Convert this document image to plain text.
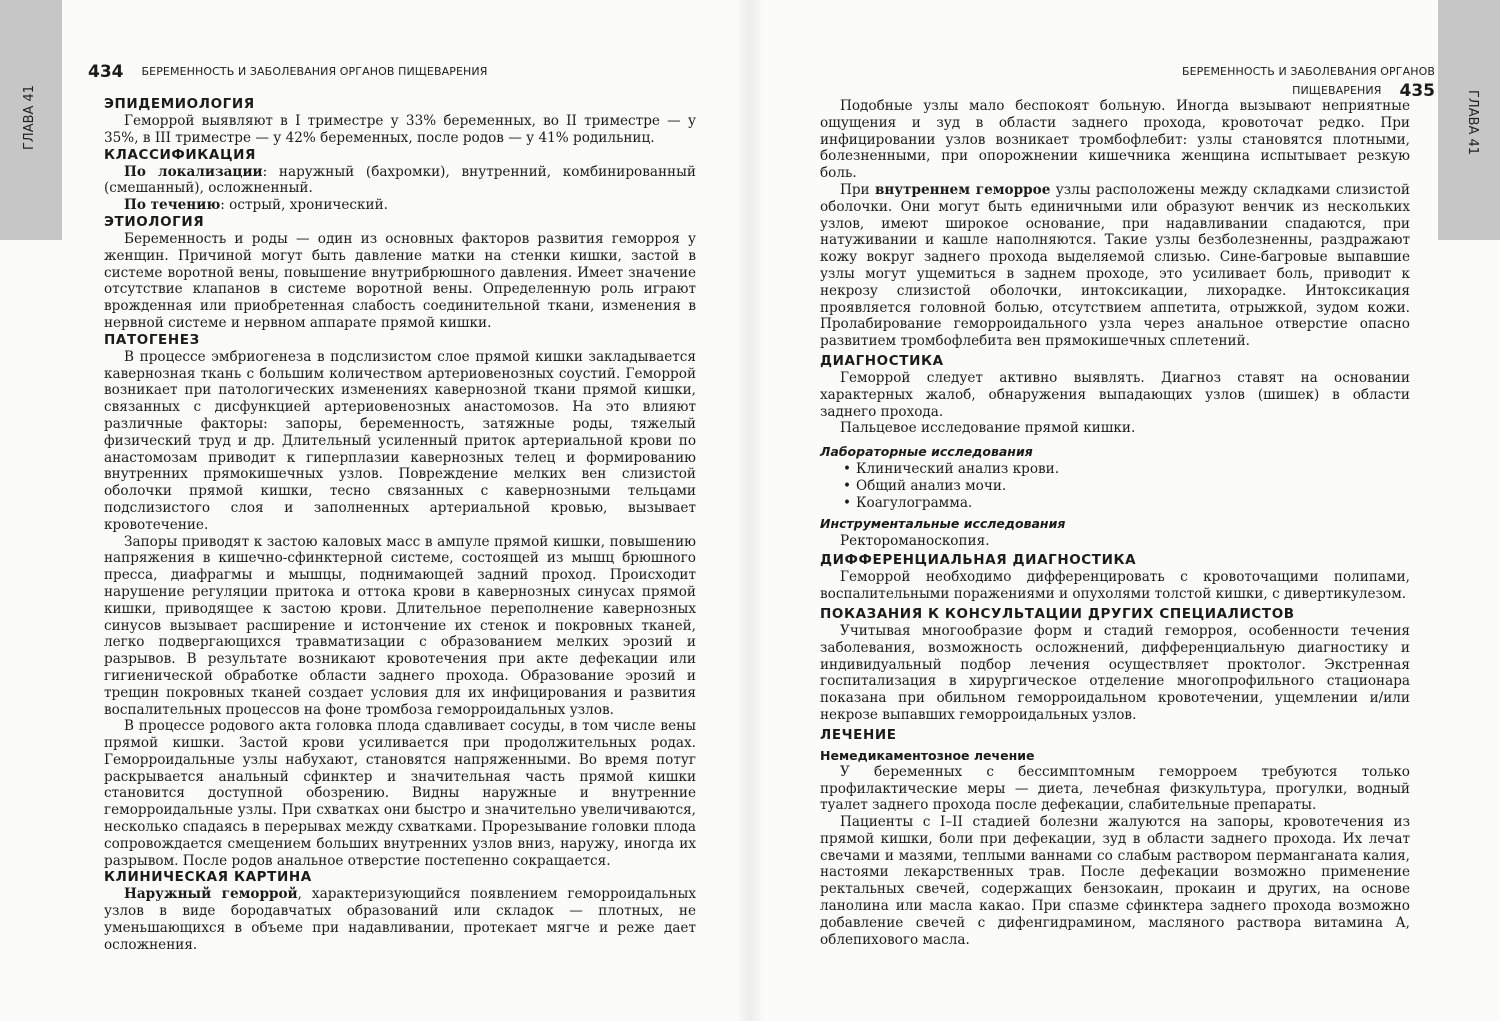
ГЛАВА 41
434 БЕРЕМЕННОСТЬ И ЗАБОЛЕВАНИЯ ОРГАНОВ ПИЩЕВАРЕНИЯ
ЭПИДЕМИОЛОГИЯ

Геморрой выявляют в I триместре у 33% беременных, во II триместре — у 35%, в III триместре — у 42% беременных, после родов — у 41% родильниц.

КЛАССИФИКАЦИЯ

По локализации: наружный (бахромки), внутренний, комбинированный (смешанный), осложненный.

По течению: острый, хронический.

ЭТИОЛОГИЯ

Беременность и роды — один из основных факторов развития геморроя у женщин. Причиной могут быть давление матки на стенки кишки, застой в системе воротной вены, повышение внутрибрюшного давления. Имеет значение отсутствие клапанов в системе воротной вены. Определенную роль играют врожденная или приобретенная слабость соединительной ткани, изменения в нервной системе и нервном аппарате прямой кишки.

ПАТОГЕНЕЗ

В процессе эмбриогенеза в подслизистом слое прямой кишки закладывается кавернозная ткань с большим количеством артериовенозных соустий. Геморрой возникает при патологических изменениях кавернозной ткани прямой кишки, связанных с дисфункцией артериовенозных анастомозов. На это влияют различные факторы: запоры, беременность, затяжные роды, тяжелый физический труд и др. Длительный усиленный приток артериальной крови по анастомозам приводит к гиперплазии кавернозных телец и формированию внутренних прямокишечных узлов. Повреждение мелких вен слизистой оболочки прямой кишки, тесно связанных с кавернозными тельцами подслизистого слоя и заполненных артериальной кровью, вызывает кровотечение.

Запоры приводят к застою каловых масс в ампуле прямой кишки, повышению напряжения в кишечно-сфинктерной системе, состоящей из мышц брюшного пресса, диафрагмы и мышцы, поднимающей задний проход. Происходит нарушение регуляции притока и оттока крови в кавернозных синусах прямой кишки, приводящее к застою крови. Длительное переполнение кавернозных синусов вызывает расширение и истончение их стенок и покровных тканей, легко подвергающихся травматизации с образованием мелких эрозий и разрывов. В результате возникают кровотечения при акте дефекации или гигиенической обработке области заднего прохода. Образование эрозий и трещин покровных тканей создает условия для их инфицирования и развития воспалительных процессов на фоне тромбоза геморроидальных узлов.

В процессе родового акта головка плода сдавливает сосуды, в том числе вены прямой кишки. Застой крови усиливается при продолжительных родах. Геморроидальные узлы набухают, становятся напряженными. Во время потуг раскрывается анальный сфинктер и значительная часть прямой кишки становится доступной обозрению. Видны наружные и внутренние геморроидальные узлы. При схватках они быстро и значительно увеличиваются, несколько спадаясь в перерывах между схватками. Прорезывание головки плода сопровождается смещением больших внутренних узлов вниз, наружу, иногда их разрывом. После родов анальное отверстие постепенно сокращается.

КЛИНИЧЕСКАЯ КАРТИНА

Наружный геморрой, характеризующийся появлением геморроидальных узлов в виде бородавчатых образований или складок — плотных, не уменьшающихся в объеме при надавливании, протекает мягче и реже дает осложнения.

ГЛАВА 41
БЕРЕМЕННОСТЬ И ЗАБОЛЕВАНИЯ ОРГАНОВ ПИЩЕВАРЕНИЯ 435

Подобные узлы мало беспокоят больную. Иногда вызывают неприятные ощущения и зуд в области заднего прохода, кровоточат редко. При инфицировании узлов возникает тромбофлебит: узлы становятся плотными, болезненными, при опорожнении кишечника женщина испытывает резкую боль.

При внутреннем геморрое узлы расположены между складками слизистой оболочки. Они могут быть единичными или образуют венчик из нескольких узлов, имеют широкое основание, при надавливании спадаются, при натуживании и кашле наполняются. Такие узлы безболезненны, раздражают кожу вокруг заднего прохода выделяемой слизью. Сине-багровые выпавшие узлы могут ущемиться в заднем проходе, это усиливает боль, приводит к некрозу слизистой оболочки, интоксикации, лихорадке. Интоксикация проявляется головной болью, отсутствием аппетита, отрыжкой, зудом кожи. Пролабирование геморроидального узла через анальное отверстие опасно развитием тромбофлебита вен прямокишечных сплетений.

ДИАГНОСТИКА

Геморрой следует активно выявлять. Диагноз ставят на основании характерных жалоб, обнаружения выпадающих узлов (шишек) в области заднего прохода.

Пальцевое исследование прямой кишки.

Лабораторные исследования
• Клинический анализ крови.
• Общий анализ мочи.
• Коагулограмма.
Инструментальные исследования
Ректороманоскопия.
ДИФФЕРЕНЦИАЛЬНАЯ ДИАГНОСТИКА

Геморрой необходимо дифференцировать с кровоточащими полипами, воспалительными поражениями и опухолями толстой кишки, с дивертикулезом.

ПОКАЗАНИЯ К КОНСУЛЬТАЦИИ ДРУГИХ СПЕЦИАЛИСТОВ

Учитывая многообразие форм и стадий геморроя, особенности течения заболевания, возможность осложнений, дифференциальную диагностику и индивидуальный подбор лечения осуществляет проктолог. Экстренная госпитализация в хирургическое отделение многопрофильного стационара показана при обильном геморроидальном кровотечении, ущемлении и/или некрозе выпавших геморроидальных узлов.

ЛЕЧЕНИЕ
Немедикаментозное лечение

У беременных с бессимптомным геморроем требуются только профилактические меры — диета, лечебная физкультура, прогулки, водный туалет заднего прохода после дефекации, слабительные препараты.

Пациенты с I–II стадией болезни жалуются на запоры, кровотечения из прямой кишки, боли при дефекации, зуд в области заднего прохода. Их лечат свечами и мазями, теплыми ваннами со слабым раствором перманганата калия, настоями лекарственных трав. После дефекации возможно применение ректальных свечей, содержащих бензокаин, прокаин и других, на основе ланолина или масла какао. При спазме сфинктера заднего прохода возможно добавление свечей с дифенгидрамином, масляного раствора витамина А, облепихового масла.
